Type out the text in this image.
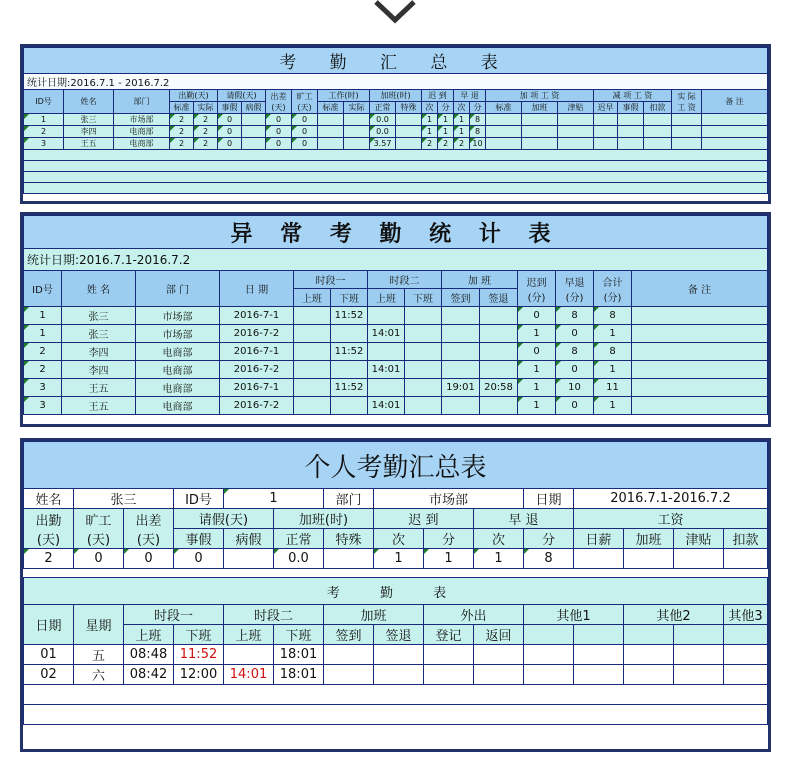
考 勤 汇 总 表																								
统计日期:2016.7.1 - 2016.7.2																								
ID号	姓名	部门	出勤(天)		请假(天)		出差(天)	旷工(天)	工作(时)		加班(时)		迟 到		早 退		加 项 工 资			减 项 工 资			实 际 工 资	备 注
			标准	实际	事假	病假			标准	实际	正常	特殊	次	分	次	分	标准	加班	津贴	迟早	事假	扣款		
1	张三	市场部	2	2	0		0	0			0.0		1	1	1	8								
2	李四	电商部	2	2	0		0	0			0.0		1	1	1	8								
3	王五	电商部	2	2	0		0	0			3.57		2	2	2	10								

异 常 考 勤 统 计 表													
统计日期:2016.7.1-2016.7.2													
ID号	姓 名	部 门	日 期	时段一		时段二		加 班		迟到(分)	早退(分)	合计(分)	备 注
				上班	下班	上班	下班	签到	签退				
1	张三	市场部	2016-7-1		11:52					0	8	8	
1	张三	市场部	2016-7-2			14:01				1	0	1	
2	李四	电商部	2016-7-1		11:52					0	8	8	
2	李四	电商部	2016-7-2			14:01				1	0	1	
3	王五	电商部	2016-7-1		11:52			19:01	20:58	1	10	11	
3	王五	电商部	2016-7-2			14:01				1	0	1	
个人考勤汇总表														
姓名	张三		ID号	1		部门	市场部			日期	2016.7.1-2016.7.2			
出勤(天)	旷工(天)	出差(天)	请假(天)		加班(时)		迟 到		早 退		工资			
			事假	病假	正常	特殊	次	分	次	分	日薪	加班	津贴	扣款
2	0	0	0		0.0		1	1	1	8				

考 勤 表														
日期	星期	时段一		时段二		加班		外出		其他1		其他2		其他3
		上班	下班	上班	下班	签到	签退	登记	返回					
01	五	08:48	11:52		18:01									
02	六	08:42	12:00	14:01	18:01									
